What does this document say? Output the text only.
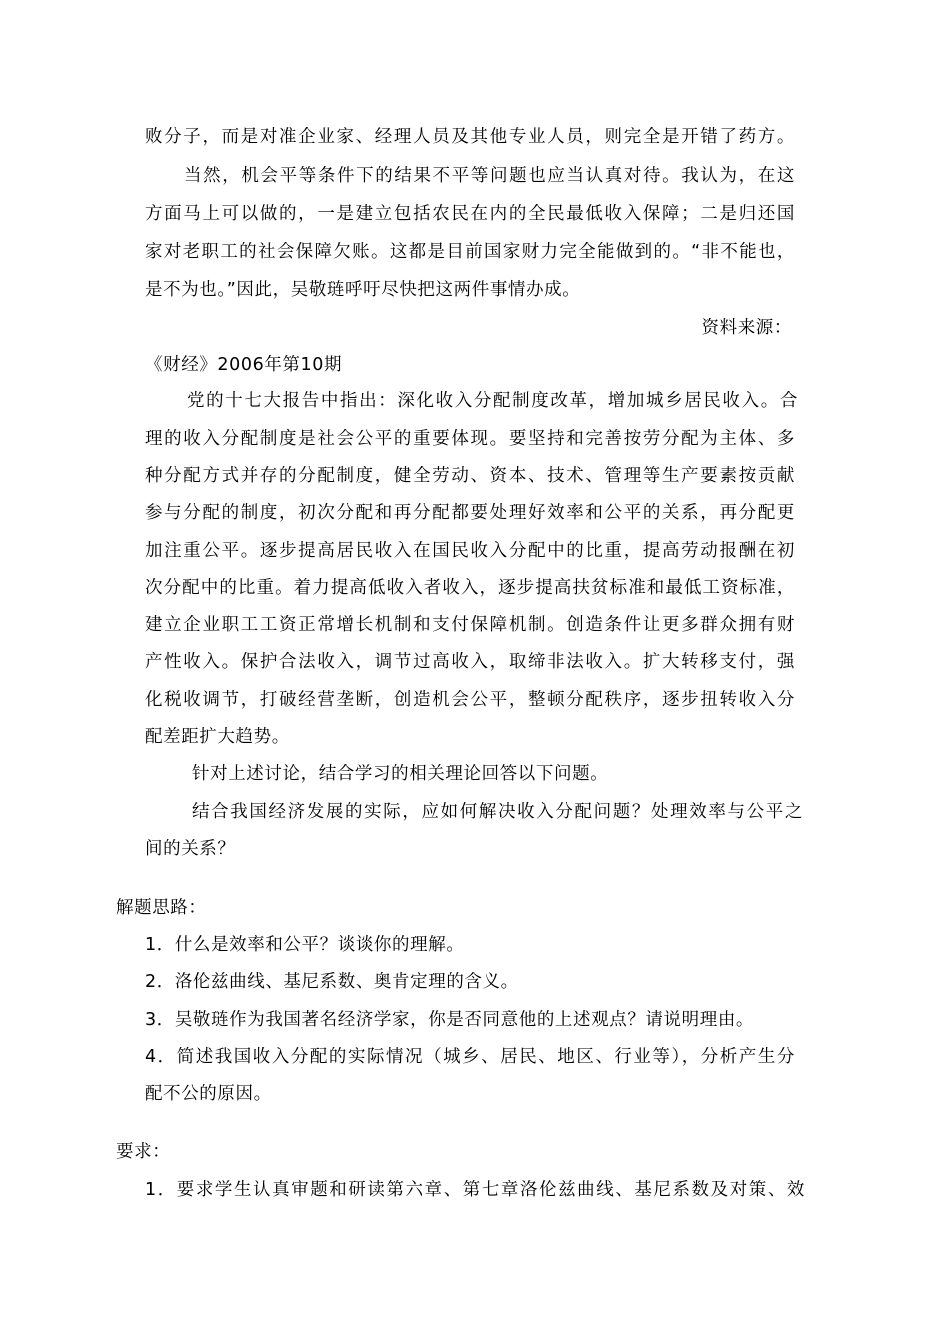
败分子，而是对准企业家、经理人员及其他专业人员，则完全是开错了药方。
当然，机会平等条件下的结果不平等问题也应当认真对待。我认为，在这
方面马上可以做的，一是建立包括农民在内的全民最低收入保障；二是归还国
家对老职工的社会保障欠账。这都是目前国家财力完全能做到的。“非不能也，
是不为也。”因此，吴敬琏呼吁尽快把这两件事情办成。
资料来源：
《财经》2006年第10期
党的十七大报告中指出：深化收入分配制度改革，增加城乡居民收入。合
理的收入分配制度是社会公平的重要体现。要坚持和完善按劳分配为主体、多
种分配方式并存的分配制度，健全劳动、资本、技术、管理等生产要素按贡献
参与分配的制度，初次分配和再分配都要处理好效率和公平的关系，再分配更
加注重公平。逐步提高居民收入在国民收入分配中的比重，提高劳动报酬在初
次分配中的比重。着力提高低收入者收入，逐步提高扶贫标准和最低工资标准，
建立企业职工工资正常增长机制和支付保障机制。创造条件让更多群众拥有财
产性收入。保护合法收入，调节过高收入，取缔非法收入。扩大转移支付，强
化税收调节，打破经营垄断，创造机会公平，整顿分配秩序，逐步扭转收入分
配差距扩大趋势。
针对上述讨论，结合学习的相关理论回答以下问题。
结合我国经济发展的实际，应如何解决收入分配问题？处理效率与公平之
间的关系？
解题思路：
1．什么是效率和公平？谈谈你的理解。
2．洛伦兹曲线、基尼系数、奥肯定理的含义。
3．吴敬琏作为我国著名经济学家，你是否同意他的上述观点？请说明理由。
4．简述我国收入分配的实际情况（城乡、居民、地区、行业等），分析产生分
配不公的原因。
要求：
1．要求学生认真审题和研读第六章、第七章洛伦兹曲线、基尼系数及对策、效
